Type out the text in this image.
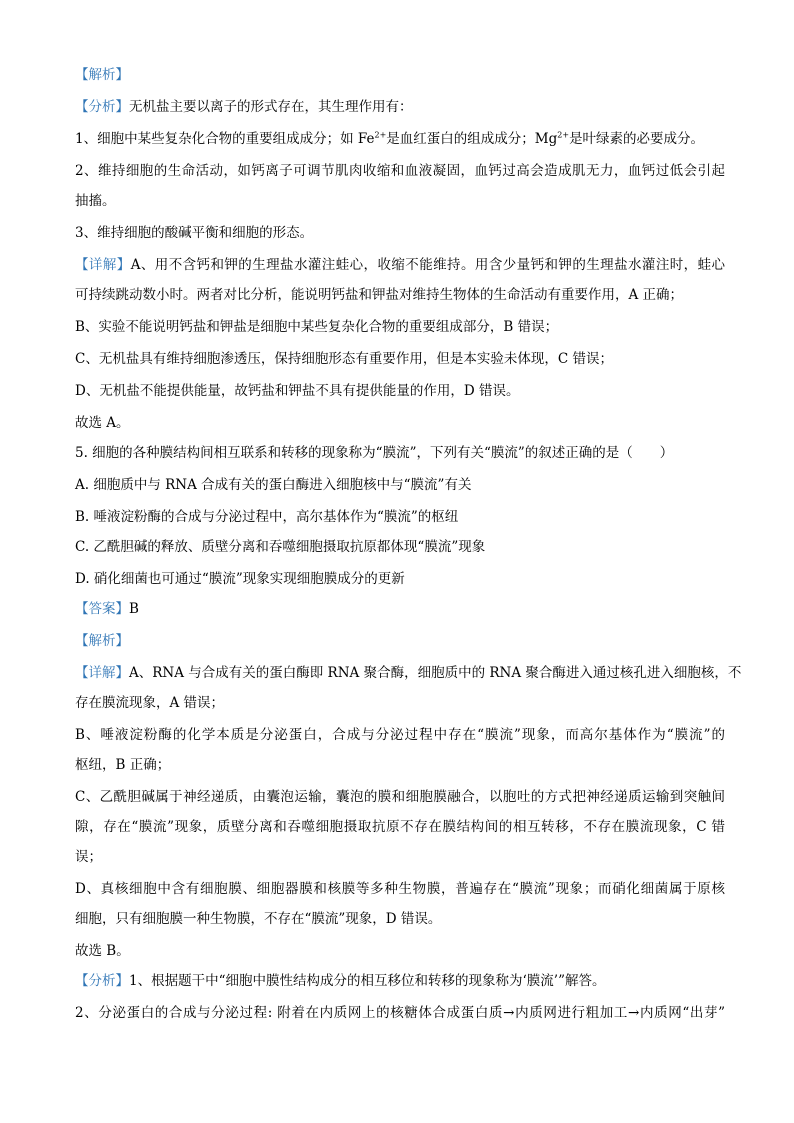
【解析】
【分析】无机盐主要以离子的形式存在，其生理作用有：
1、细胞中某些复杂化合物的重要组成成分；如 $Fe^{2+}$是血红蛋白的组成成分；$Mg^{2+}$是叶绿素的必要成分。
2、维持细胞的生命活动，如钙离子可调节肌肉收缩和血液凝固，血钙过高会造成肌无力，血钙过低会引起
抽搐。
3、维持细胞的酸碱平衡和细胞的形态。
【详解】A、用不含钙和钾的生理盐水灌注蛙心，收缩不能维持。用含少量钙和钾的生理盐水灌注时，蛙心
可持续跳动数小时。两者对比分析，能说明钙盐和钾盐对维持生物体的生命活动有重要作用，A 正确；
B、实验不能说明钙盐和钾盐是细胞中某些复杂化合物的重要组成部分，B 错误；
C、无机盐具有维持细胞渗透压，保持细胞形态有重要作用，但是本实验未体现，C 错误；
D、无机盐不能提供能量，故钙盐和钾盐不具有提供能量的作用，D 错误。
故选 A。
5. 细胞的各种膜结构间相互联系和转移的现象称为“膜流”，下列有关“膜流”的叙述正确的是（　　）
A. 细胞质中与 RNA 合成有关的蛋白酶进入细胞核中与“膜流”有关
B. 唾液淀粉酶的合成与分泌过程中，高尔基体作为“膜流”的枢纽
C. 乙酰胆碱的释放、质壁分离和吞噬细胞摄取抗原都体现“膜流”现象
D. 硝化细菌也可通过“膜流”现象实现细胞膜成分的更新
【答案】B
【解析】
【详解】A、RNA 与合成有关的蛋白酶即 RNA 聚合酶，细胞质中的 RNA 聚合酶进入通过核孔进入细胞核，不
存在膜流现象，A 错误；
B、唾液淀粉酶的化学本质是分泌蛋白，合成与分泌过程中存在“膜流”现象，而高尔基体作为“膜流”的
枢纽，B 正确；
C、乙酰胆碱属于神经递质，由囊泡运输，囊泡的膜和细胞膜融合，以胞吐的方式把神经递质运输到突触间
隙，存在“膜流”现象，质壁分离和吞噬细胞摄取抗原不存在膜结构间的相互转移，不存在膜流现象，C 错
误；
D、真核细胞中含有细胞膜、细胞器膜和核膜等多种生物膜，普遍存在“膜流”现象；而硝化细菌属于原核
细胞，只有细胞膜一种生物膜，不存在“膜流”现象，D 错误。
故选 B。
【分析】1、根据题干中“细胞中膜性结构成分的相互移位和转移的现象称为‘膜流’”解答。
2、分泌蛋白的合成与分泌过程: 附着在内质网上的核糖体合成蛋白质→内质网进行粗加工→内质网“出芽”
